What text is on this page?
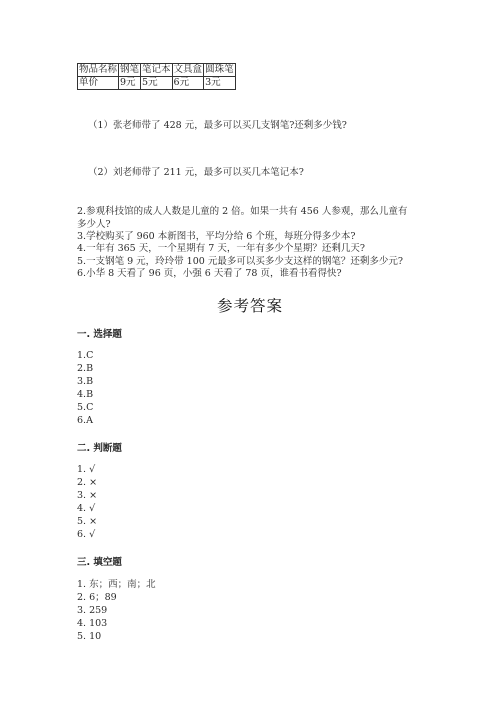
物品名称	钢笔	笔记本	文具盒	圆珠笔
单价	9元	5元	6元	3元
（1）张老师带了 428 元，最多可以买几支钢笔?还剩多少钱?
（2）刘老师带了 211 元，最多可以买几本笔记本?
2.参观科技馆的成人人数是儿童的 2 倍。如果一共有 456 人参观，那么儿童有
多少人?
3.学校购买了 960 本新图书，平均分给 6 个班，每班分得多少本?
4.一年有 365 天，一个星期有 7 天，一年有多少个星期？还剩几天?
5.一支钢笔 9 元，玲玲带 100 元最多可以买多少支这样的钢笔？还剩多少元?
6.小华 8 天看了 96 页，小强 6 天看了 78 页，谁看书看得快?
参考答案
一. 选择题
1.C
2.B
3.B
4.B
5.C
6.A
二. 判断题
1. √
2. ×
3. ×
4. √
5. ×
6. √
三. 填空题
1. 东；西；南；北
2. 6；89
3. 259
4. 103
5. 10
